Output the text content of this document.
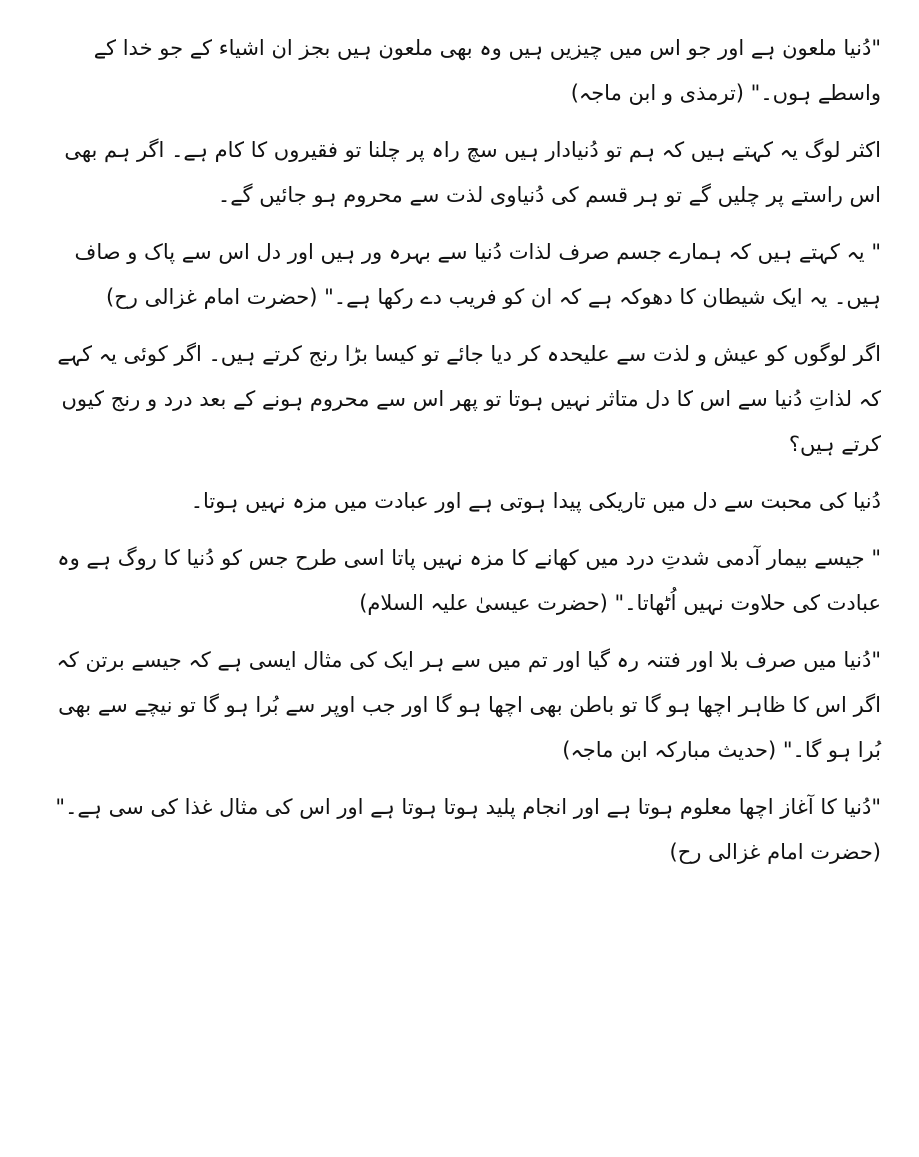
"دُنیا ملعون ہے اور جو اس میں چیزیں ہیں وہ بھی ملعون ہیں بجز ان اشیاء کے جو خدا کے واسطے ہوں۔" (ترمذی و ابن ماجہ)

اکثر لوگ یہ کہتے ہیں کہ ہم تو دُنیادار ہیں سچ راہ پر چلنا تو فقیروں کا کام ہے۔ اگر ہم بھی اس راستے پر چلیں گے تو ہر قسم کی دُنیاوی لذت سے محروم ہو جائیں گے۔

" یہ کہتے ہیں کہ ہمارے جسم صرف لذات دُنیا سے بہرہ ور ہیں اور دل اس سے پاک و صاف ہیں۔ یہ ایک شیطان کا دھوکہ ہے کہ ان کو فریب دے رکھا ہے۔" (حضرت امام غزالی رح)

اگر لوگوں کو عیش و لذت سے علیحدہ کر دیا جائے تو کیسا بڑا رنج کرتے ہیں۔ اگر کوئی یہ کہے کہ لذاتِ دُنیا سے اس کا دل متاثر نہیں ہوتا تو پھر اس سے محروم ہونے کے بعد درد و رنج کیوں کرتے ہیں؟

دُنیا کی محبت سے دل میں تاریکی پیدا ہوتی ہے اور عبادت میں مزہ نہیں ہوتا۔

" جیسے بیمار آدمی شدتِ درد میں کھانے کا مزہ نہیں پاتا اسی طرح جس کو دُنیا کا روگ ہے وہ عبادت کی حلاوت نہیں اُٹھاتا۔" (حضرت عیسیٰ علیہ السلام)

"دُنیا میں صرف بلا اور فتنہ رہ گیا اور تم میں سے ہر ایک کی مثال ایسی ہے کہ جیسے برتن کہ اگر اس کا ظاہر اچھا ہو گا تو باطن بھی اچھا ہو گا اور جب اوپر سے بُرا ہو گا تو نیچے سے بھی بُرا ہو گا۔" (حدیث مبارکہ ابن ماجہ)

"دُنیا کا آغاز اچھا معلوم ہوتا ہے اور انجام پلید ہوتا ہوتا ہے اور اس کی مثال غذا کی سی ہے۔" (حضرت امام غزالی رح)
